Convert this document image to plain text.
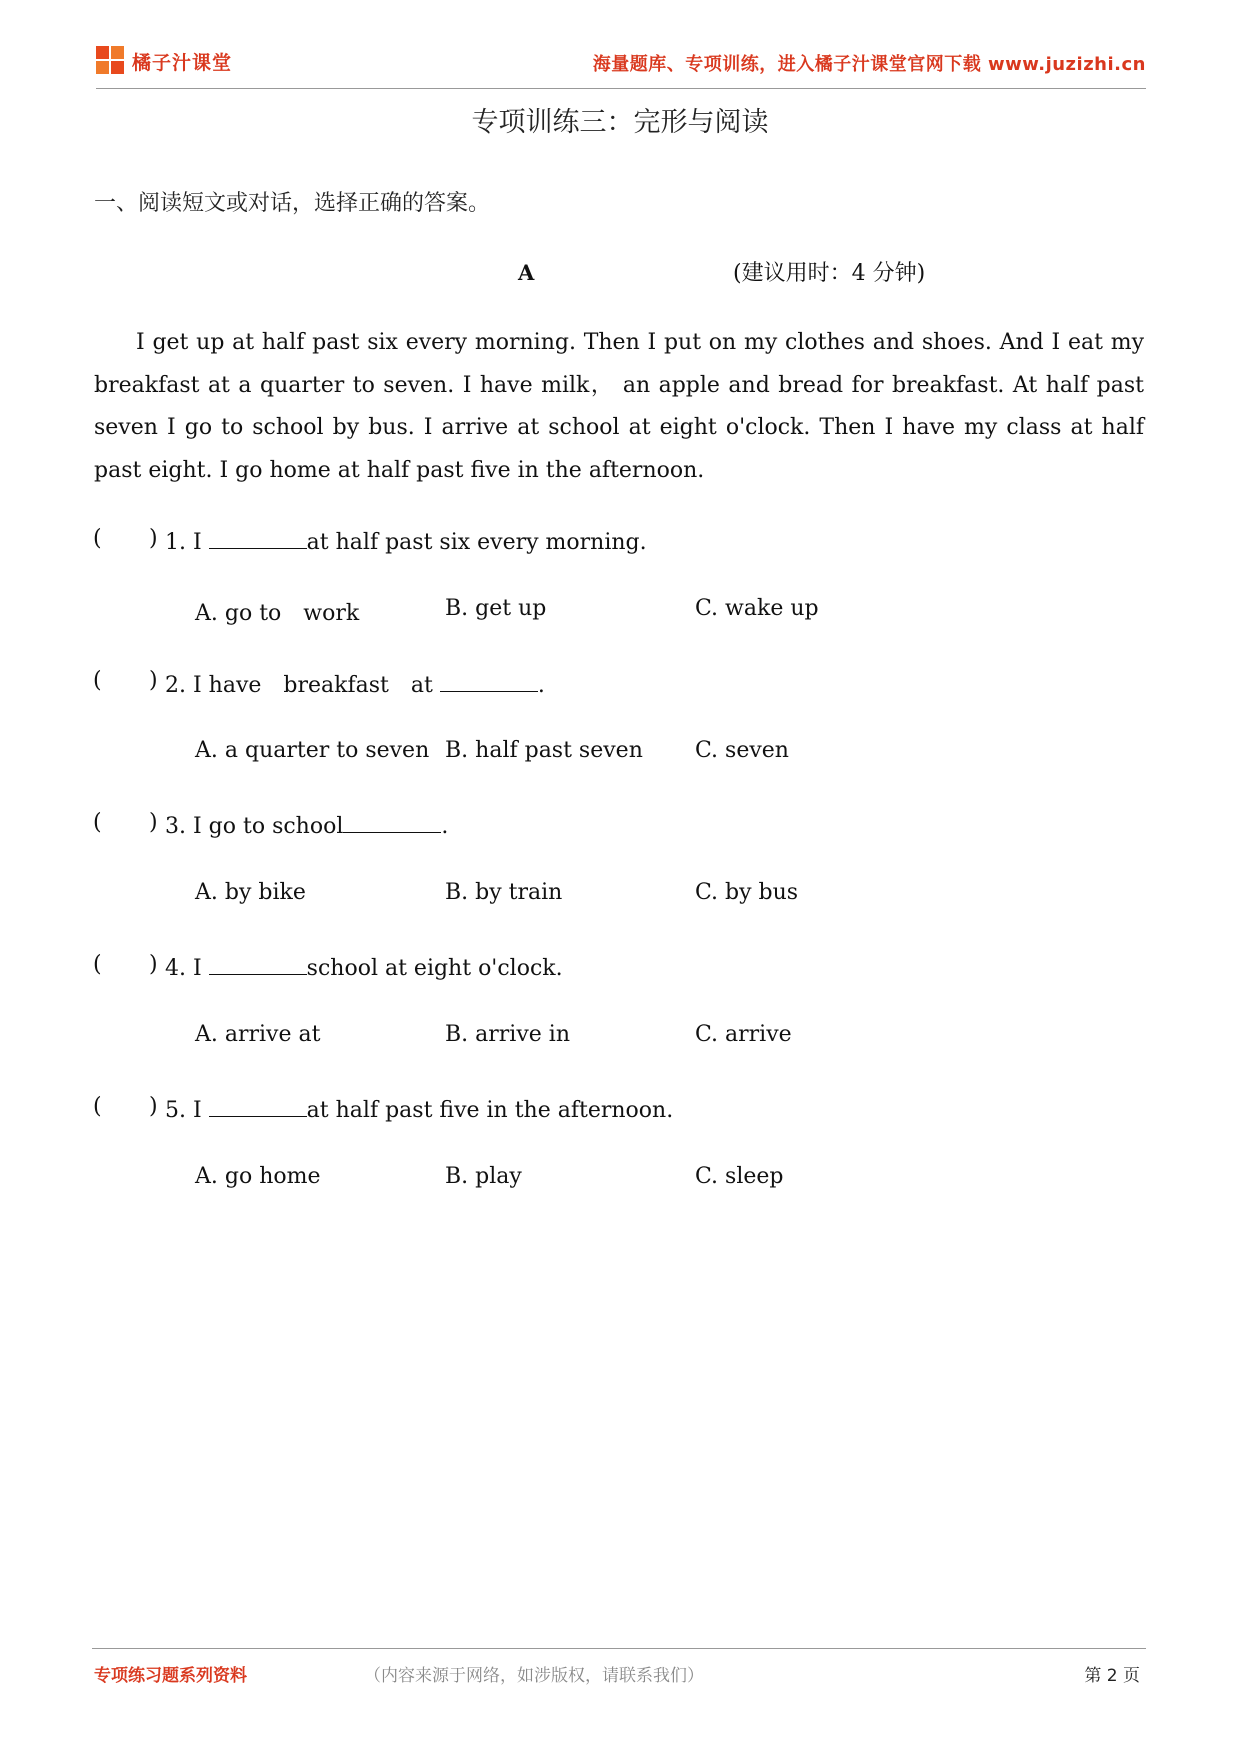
橘子汁课堂	海量题库、专项训练，进入橘子汁课堂官网下载 www.juzizhi.cn
专项训练三：完形与阅读
一、阅读短文或对话，选择正确的答案。
A	(建议用时：4 分钟)

I get up at half past six every morning. Then I put on my clothes and shoes. And I eat my breakfast at a quarter to seven. I have milk， an apple and bread for breakfast. At half past seven I go to school by bus. I arrive at school at eight o'clock. Then I have my class at half past eight. I go home at half past five in the afternoon.

( ) 1. I	at half past six every morning.
A. go to　work	B. get up	C. wake up
( ) 2. I have　breakfast　at	.
A. a quarter to seven B. half past seven C. seven
( ) 3. I go to school	.
A. by bike	B. by train	C. by bus
( ) 4. I	school at eight o'clock.
A. arrive at	B. arrive in	C. arrive
( ) 5. I	at half past five in the afternoon.
A. go home	B. play	C. sleep
专项练习题系列资料	（内容来源于网络，如涉版权，请联系我们）	第 2 页
